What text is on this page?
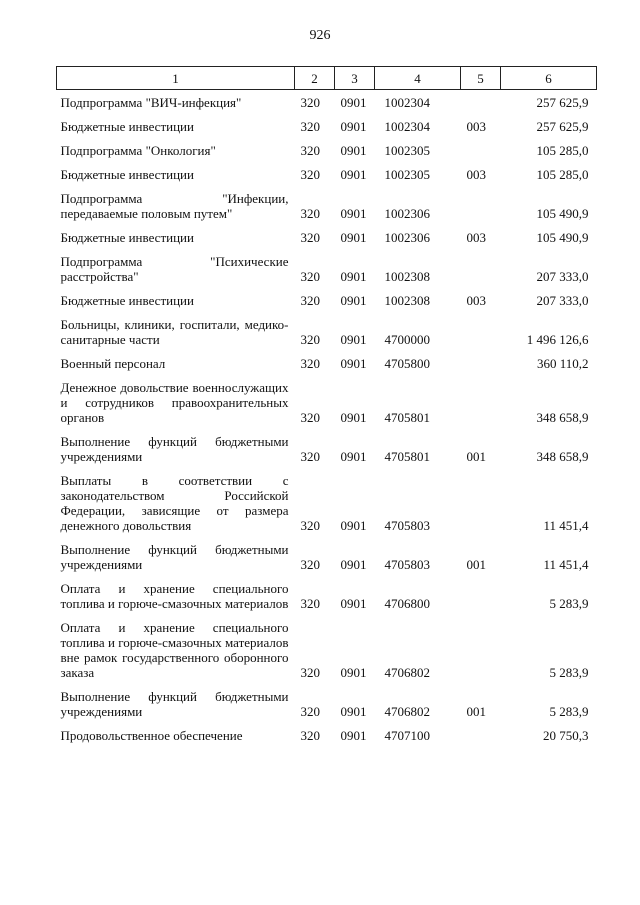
926
1	2	3	4	5	6
Подпрограмма "ВИЧ-инфекция"	320	0901	1002304		257 625,9
Бюджетные инвестиции	320	0901	1002304	003	257 625,9
Подпрограмма "Онкология"	320	0901	1002305		105 285,0
Бюджетные инвестиции	320	0901	1002305	003	105 285,0
Подпрограмма "Инфекции, передаваемые половым путем"	320	0901	1002306		105 490,9
Бюджетные инвестиции	320	0901	1002306	003	105 490,9
Подпрограмма "Психические расстройства"	320	0901	1002308		207 333,0
Бюджетные инвестиции	320	0901	1002308	003	207 333,0
Больницы, клиники, госпитали, медико-санитарные части	320	0901	4700000		1 496 126,6
Военный персонал	320	0901	4705800		360 110,2
Денежное довольствие военнослужащих и сотрудников правоохранительных органов	320	0901	4705801		348 658,9
Выполнение функций бюджетными учреждениями	320	0901	4705801	001	348 658,9
Выплаты в соответствии с законодательством Российской Федерации, зависящие от размера денежного довольствия	320	0901	4705803		11 451,4
Выполнение функций бюджетными учреждениями	320	0901	4705803	001	11 451,4
Оплата и хранение специального топлива и горюче-смазочных материалов	320	0901	4706800		5 283,9
Оплата и хранение специального топлива и горюче-смазочных материалов вне рамок государственного оборонного заказа	320	0901	4706802		5 283,9
Выполнение функций бюджетными учреждениями	320	0901	4706802	001	5 283,9
Продовольственное обеспечение	320	0901	4707100		20 750,3
